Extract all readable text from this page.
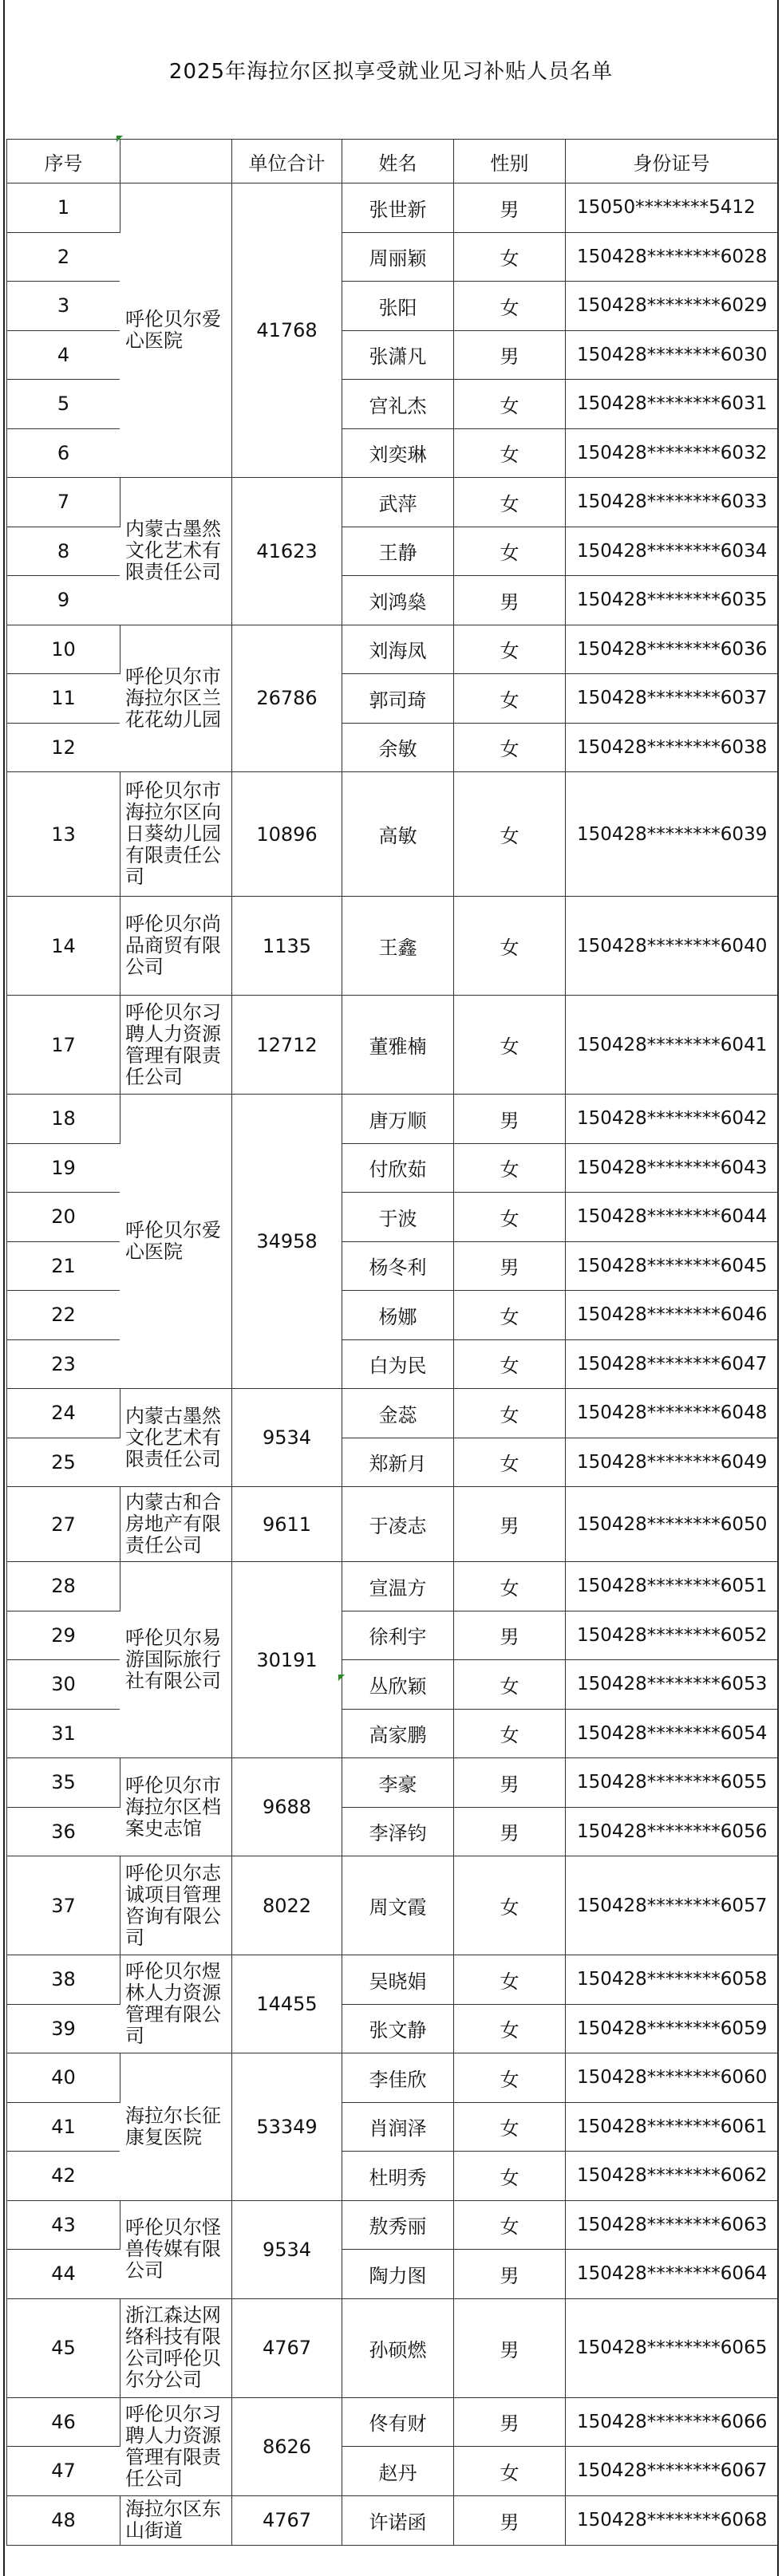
2025年海拉尔区拟享受就业见习补贴人员名单
序号		单位合计	姓名	性别	身份证号
1	呼伦贝尔爱心医院	41768	张世新	男	15050********5412
2			周丽颖	女	150428********6028
3			张阳	女	150428********6029
4			张潇凡	男	150428********6030
5			宫礼杰	女	150428********6031
6			刘奕琳	女	150428********6032
7	内蒙古墨然文化艺术有限责任公司	41623	武萍	女	150428********6033
8			王静	女	150428********6034
9			刘鸿燊	男	150428********6035
10	呼伦贝尔市海拉尔区兰花花幼儿园	26786	刘海凤	女	150428********6036
11			郭司琦	女	150428********6037
12			余敏	女	150428********6038
13	呼伦贝尔市海拉尔区向日葵幼儿园有限责任公司	10896	高敏	女	150428********6039
14	呼伦贝尔尚品商贸有限公司	1135	王鑫	女	150428********6040
17	呼伦贝尔习聘人力资源管理有限责任公司	12712	董雅楠	女	150428********6041
18	呼伦贝尔爱心医院	34958	唐万顺	男	150428********6042
19			付欣茹	女	150428********6043
20			于波	女	150428********6044
21			杨冬利	男	150428********6045
22			杨娜	女	150428********6046
23			白为民	女	150428********6047
24	内蒙古墨然文化艺术有限责任公司	9534	金蕊	女	150428********6048
25			郑新月	女	150428********6049
27	内蒙古和合房地产有限责任公司	9611	于凌志	男	150428********6050
28	呼伦贝尔易游国际旅行社有限公司	30191	宣温方	女	150428********6051
29			徐利宇	男	150428********6052
30			丛欣颖	女	150428********6053
31			高家鹏	女	150428********6054
35	呼伦贝尔市海拉尔区档案史志馆	9688	李豪	男	150428********6055
36			李泽钧	男	150428********6056
37	呼伦贝尔志诚项目管理咨询有限公司	8022	周文霞	女	150428********6057
38	呼伦贝尔煜林人力资源管理有限公司	14455	吴晓娟	女	150428********6058
39			张文静	女	150428********6059
40	海拉尔长征康复医院	53349	李佳欣	女	150428********6060
41			肖润泽	女	150428********6061
42			杜明秀	女	150428********6062
43	呼伦贝尔怪兽传媒有限公司	9534	敖秀丽	女	150428********6063
44			陶力图	男	150428********6064
45	浙江森达网络科技有限公司呼伦贝尔分公司	4767	孙硕燃	男	150428********6065
46	呼伦贝尔习聘人力资源管理有限责任公司	8626	佟有财	男	150428********6066
47			赵丹	女	150428********6067
48	海拉尔区东山街道	4767	许诺函	男	150428********6068
